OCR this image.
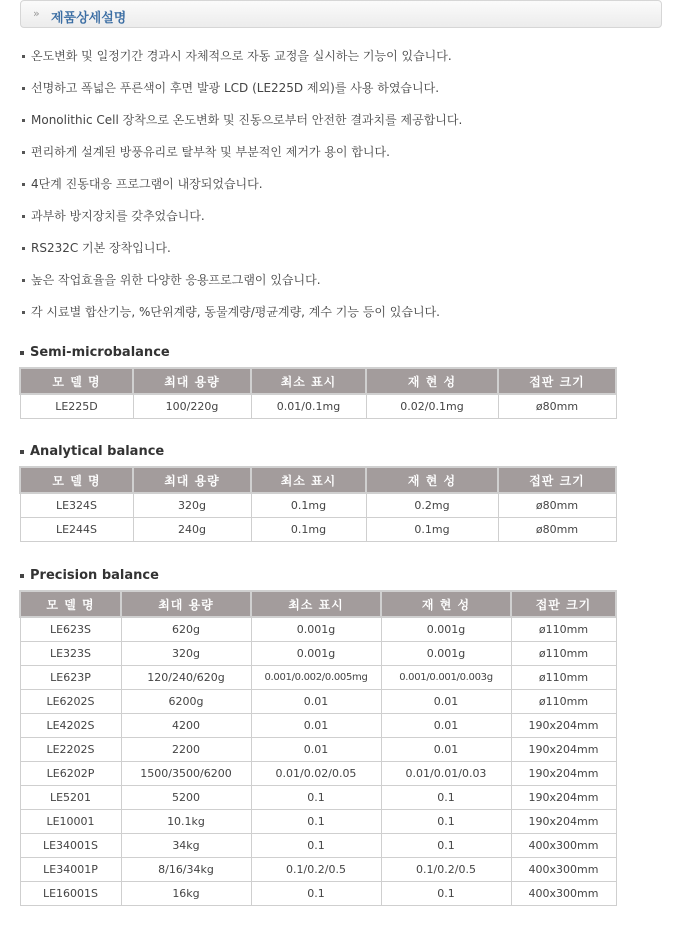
» 제품상세설명
온도변화 및 일정기간 경과시 자체적으로 자동 교정을 실시하는 기능이 있습니다.
선명하고 폭넓은 푸른색이 후면 발광 LCD (LE225D 제외)를 사용 하였습니다.
Monolithic Cell 장착으로 온도변화 및 진동으로부터 안전한 결과치를 제공합니다.
편리하게 설계된 방풍유리로 탈부착 및 부분적인 제거가 용이 합니다.
4단계 진동대응 프로그램이 내장되었습니다.
과부하 방지장치를 갖추었습니다.
RS232C 기본 장착입니다.
높은 작업효율을 위한 다양한 응용프로그램이 있습니다.
각 시료별 합산기능, %단위계량, 동물계량/평균계량, 계수 기능 등이 있습니다.
Semi-microbalance
모 델 명	최대 용량	최소 표시	재 현 성	접판 크기
LE225D	100/220g	0.01/0.1mg	0.02/0.1mg	ø80mm
Analytical balance
모 델 명	최대 용량	최소 표시	재 현 성	접판 크기
LE324S	320g	0.1mg	0.2mg	ø80mm
LE244S	240g	0.1mg	0.1mg	ø80mm
Precision balance
모 델 명	최대 용량	최소 표시	재 현 성	접판 크기
LE623S	620g	0.001g	0.001g	ø110mm
LE323S	320g	0.001g	0.001g	ø110mm
LE623P	120/240/620g	0.001/0.002/0.005mg	0.001/0.001/0.003g	ø110mm
LE6202S	6200g	0.01	0.01	ø110mm
LE4202S	4200	0.01	0.01	190x204mm
LE2202S	2200	0.01	0.01	190x204mm
LE6202P	1500/3500/6200	0.01/0.02/0.05	0.01/0.01/0.03	190x204mm
LE5201	5200	0.1	0.1	190x204mm
LE10001	10.1kg	0.1	0.1	190x204mm
LE34001S	34kg	0.1	0.1	400x300mm
LE34001P	8/16/34kg	0.1/0.2/0.5	0.1/0.2/0.5	400x300mm
LE16001S	16kg	0.1	0.1	400x300mm
